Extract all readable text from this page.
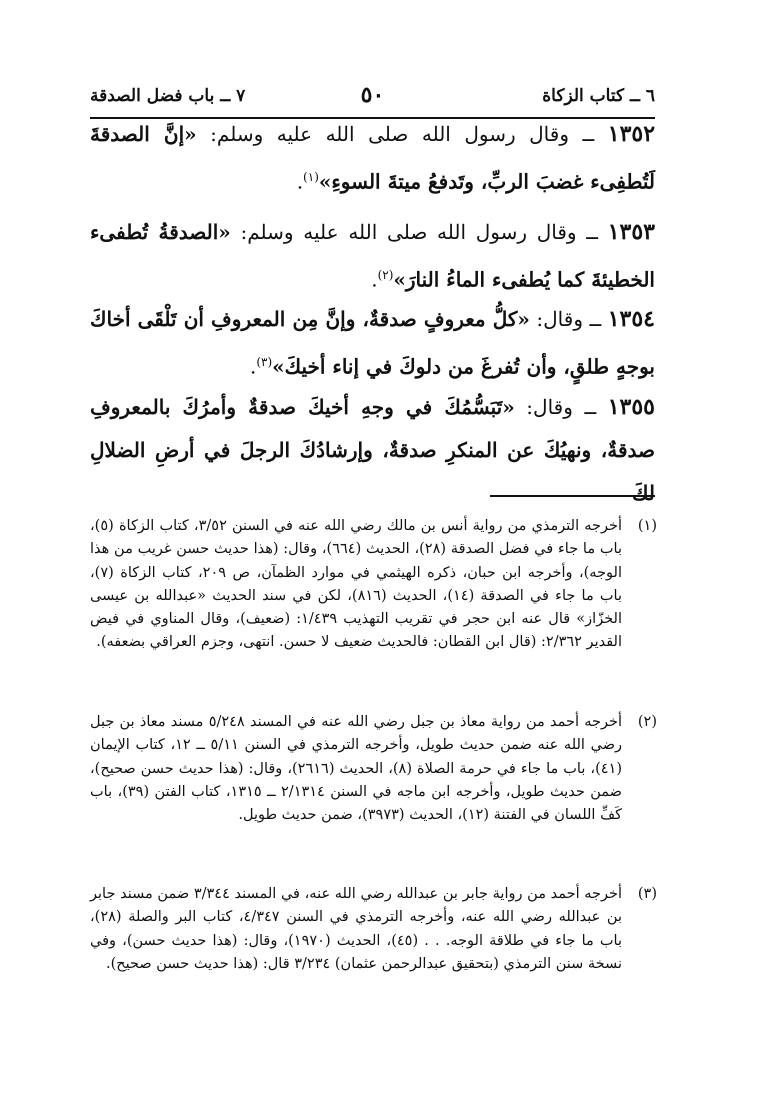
٦ ــ كتاب الزكاة
٥٠
٧ ــ باب فضل الصدقة

١٣٥٢ ــ وقال رسول الله صلى الله عليه وسلم: «إنَّ الصدقةَ لَتُطفِىء غضبَ الربِّ، وتَدفعُ ميتةَ السوءِ»$^{(١)}$.

١٣٥٣ ــ وقال رسول الله صلى الله عليه وسلم: «الصدقةُ تُطفىء الخطيئةَ كما يُطفىء الماءُ النارَ»$^{(٢)}$.

١٣٥٤ ــ وقال: «كلُّ معروفٍ صدقةٌ، وإنَّ مِن المعروفِ أن تَلْقَى أخاكَ بوجهٍ طلقٍ، وأن تُفرغَ من دلوكَ في إناء أخيكَ»$^{(٣)}$.

١٣٥٥ ــ وقال: «تَبَسُّمُكَ في وجهِ أخيكَ صدقةٌ وأمرُكَ بالمعروفِ صدقةٌ، ونهيُكَ عن المنكرِ صدقةٌ، وإرشادُكَ الرجلَ في أرضِ الضلالِ لكَ

(١)
أخرجه الترمذي من رواية أنس بن مالك رضي الله عنه في السنن ٣/٥٢، كتاب الزكاة (٥)، باب ما جاء في فضل الصدقة (٢٨)، الحديث (٦٦٤)، وقال: (هذا حديث حسن غريب من هذا الوجه)، وأخرجه ابن حبان، ذكره الهيثمي في موارد الظمآن، ص ٢٠٩، كتاب الزكاة (٧)، باب ما جاء في الصدقة (١٤)، الحديث (٨١٦)، لكن في سند الحديث «عبدالله بن عيسى الخزّاز» قال عنه ابن حجر في تقريب التهذيب ١/٤٣٩: (ضعيف)، وقال المناوي في فيض القدير ٢/٣٦٢: (قال ابن القطان: فالحديث ضعيف لا حسن. انتهى، وجزم العراقي بضعفه).
(٢)
أخرجه أحمد من رواية معاذ بن جبل رضي الله عنه في المسند ٥/٢٤٨ مسند معاذ بن جبل رضي الله عنه ضمن حديث طويل، وأخرجه الترمذي في السنن ٥/١١ ــ ١٢، كتاب الإيمان (٤١)، باب ما جاء في حرمة الصلاة (٨)، الحديث (٢٦١٦)، وقال: (هذا حديث حسن صحيح)، ضمن حديث طويل، وأخرجه ابن ماجه في السنن ٢/١٣١٤ ــ ١٣١٥، كتاب الفتن (٣٩)، باب كَفِّ اللسان في الفتنة (١٢)، الحديث (٣٩٧٣)، ضمن حديث طويل.
(٣)
أخرجه أحمد من رواية جابر بن عبدالله رضي الله عنه، في المسند ٣/٣٤٤ ضمن مسند جابر بن عبدالله رضي الله عنه، وأخرجه الترمذي في السنن ٤/٣٤٧، كتاب البر والصلة (٢٨)، باب ما جاء في طلاقة الوجه. . . (٤٥)، الحديث (١٩٧٠)، وقال: (هذا حديث حسن)، وفي نسخة سنن الترمذي (بتحقيق عبدالرحمن عثمان) ٣/٢٣٤ قال: (هذا حديث حسن صحيح).
